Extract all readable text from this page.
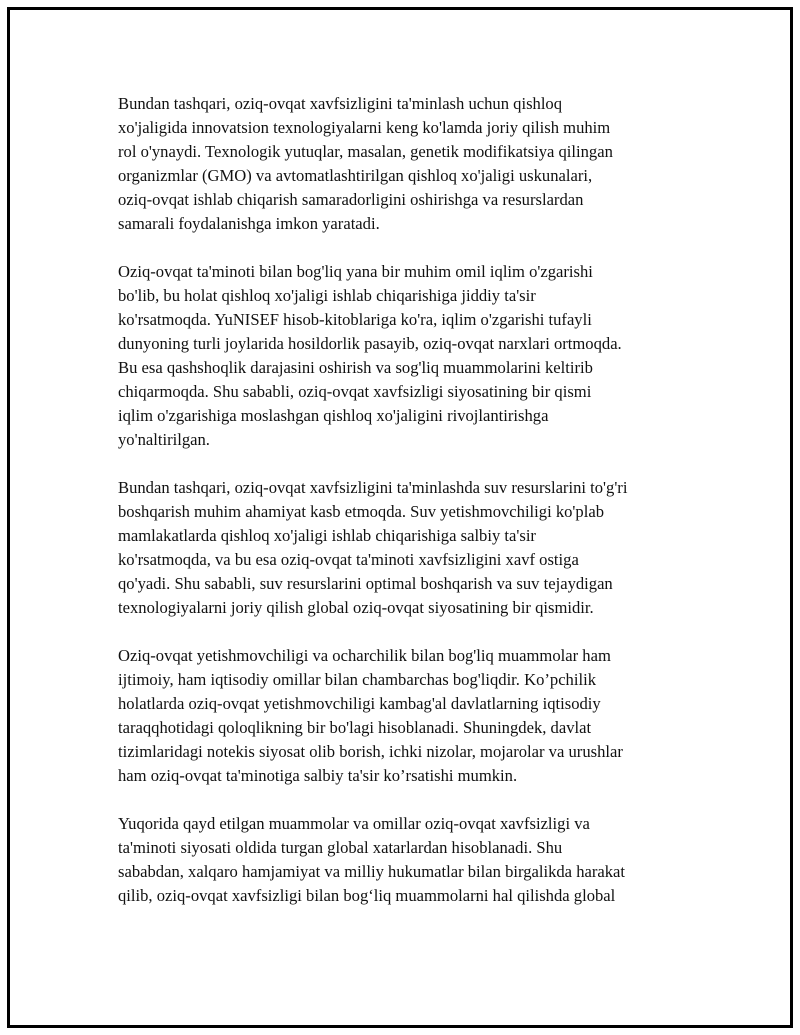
Bundan tashqari, oziq-ovqat xavfsizligini ta'minlash uchun qishloq
xo'jaligida innovatsion texnologiyalarni keng ko'lamda joriy qilish muhim
rol o'ynaydi. Texnologik yutuqlar, masalan, genetik modifikatsiya qilingan
organizmlar (GMO) va avtomatlashtirilgan qishloq xo'jaligi uskunalari,
oziq-ovqat ishlab chiqarish samaradorligini oshirishga va resurslardan
samarali foydalanishga imkon yaratadi.

Oziq-ovqat ta'minoti bilan bog'liq yana bir muhim omil iqlim o'zgarishi
bo'lib, bu holat qishloq xo'jaligi ishlab chiqarishiga jiddiy ta'sir
ko'rsatmoqda. YuNISEF hisob-kitoblariga ko'ra, iqlim o'zgarishi tufayli
dunyoning turli joylarida hosildorlik pasayib, oziq-ovqat narxlari ortmoqda.
Bu esa qashshoqlik darajasini oshirish va sog'liq muammolarini keltirib
chiqarmoqda. Shu sababli, oziq-ovqat xavfsizligi siyosatining bir qismi
iqlim o'zgarishiga moslashgan qishloq xo'jaligini rivojlantirishga
yo'naltirilgan.

Bundan tashqari, oziq-ovqat xavfsizligini ta'minlashda suv resurslarini to'g'ri
boshqarish muhim ahamiyat kasb etmoqda. Suv yetishmovchiligi ko'plab
mamlakatlarda qishloq xo'jaligi ishlab chiqarishiga salbiy ta'sir
ko'rsatmoqda, va bu esa oziq-ovqat ta'minoti xavfsizligini xavf ostiga
qo'yadi. Shu sababli, suv resurslarini optimal boshqarish va suv tejaydigan
texnologiyalarni joriy qilish global oziq-ovqat siyosatining bir qismidir.

Oziq-ovqat yetishmovchiligi va ocharchilik bilan bog'liq muammolar ham
ijtimoiy, ham iqtisodiy omillar bilan chambarchas bog'liqdir. Ko’pchilik
holatlarda oziq-ovqat yetishmovchiligi kambag'al davlatlarning iqtisodiy
taraqqhotidagi qoloqlikning bir bo'lagi hisoblanadi. Shuningdek, davlat
tizimlaridagi notekis siyosat olib borish, ichki nizolar, mojarolar va urushlar
ham oziq-ovqat ta'minotiga salbiy ta'sir ko’rsatishi mumkin.

Yuqorida qayd etilgan muammolar va omillar oziq-ovqat xavfsizligi va
ta'minoti siyosati oldida turgan global xatarlardan hisoblanadi. Shu
sababdan, xalqaro hamjamiyat va milliy hukumatlar bilan birgalikda harakat
qilib, oziq-ovqat xavfsizligi bilan bog‘liq muammolarni hal qilishda global
